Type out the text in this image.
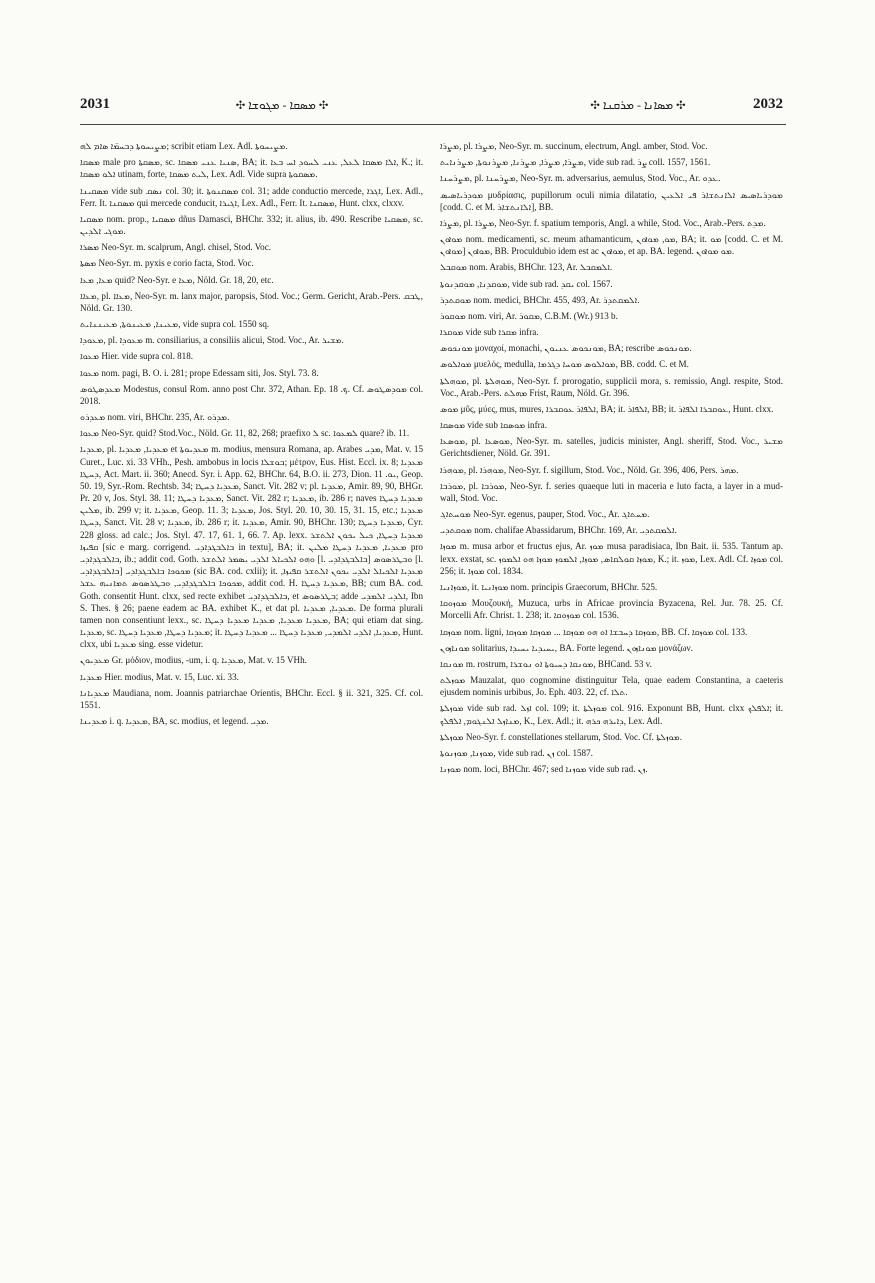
2031	✣ ܡܣܩܐ - ܡܓܘܫܐ ✣	✣ ܡܣܐܢܐ - ܡܪܩܢܐ ✣	2032

ܡܨܝܚܘܬܐ ܕܒܚܡ̈ܐ ܣܐܡ ܠܗ; scribit etiam Lex. Adl. ܡܨܝܚܘܬܐ.

ܡܣܩܐ male pro ܡܣܩܬܐ, sc. ܣܢܝܐ ܥܢܝ ܡܣܩܐ, BA; it. ܐܠܐ ܡܣܩܐ ܠܥܠ, ܥܢܝ ܠܚܘܕ ܐܚ ܒܥܐ, K.; it. ܐܠܘ ܡܣܩܐ utinam, forte, ܠܝܬ ܡܣܩܐ, Lex. Adl. Vide supra ܡܣܩܘܬܐ.

ܡܣܩܝܢܐ vide sub ܢܣܩ col. 30; it. ܡܣܩܢܘܬܐ col. 31; adde conductio mercede, ܐܓܪܐ, Lex. Adl., Ferr. It. ܡܣܩܢܐ qui mercede conducit, ܐܓܝܪܐ, Lex. Adl., Ferr. It. ܡܣܩܢܐ, Hunt. clxx, clxxv.

ܡܣܩܝܐ nom. prop., ܡܣܩܝܐ dñus Damasci, BHChr. 332; it. alius, ib. 490. Rescribe ܡܣܩܝܐ, sc. ܡܘܓܝ ܐܠܕܝܢ.

ܡܣܪܐ Neo-Syr. m. scalprum, Angl. chisel, Stod. Voc.

ܡܣܬܐ Neo-Syr. m. pyxis e corio facta, Stod. Voc.

ܡܥܐ, ܡܥܐ quid? Neo-Syr. e ܡܥܐ, Nöld. Gr. 18, 20, etc.

ܡܥܐܐ, pl. ܡܥܐܐ, Neo-Syr. m. lanx major, paropsis, Stod. Voc.; Germ. Gericht, Arab.-Pers. ܛܒܩ, Nöld. Gr. 130.

ܡܥܝܢܐ, ܡܥܝܢܘܬܐ, ܡܥܝܢܢܐܝܬ, vide supra col. 1550 sq.

ܡܥܘܕܐ, pl. ܡܥܘܕܐ m. consiliarius, a consiliis alicui, Stod. Voc., Ar. ܡܫܝܪ.

ܡܥܘܐ Hier. vide supra col. 818.

ܡܥܘܐ nom. pagi, B. O. i. 281; prope Edessam siti, Jos. Styl. 73. 8.

ܡܥܕܣܛܘܣ Modestus, consul Rom. anno post Chr. 372, Athan. Ep. ܟ. 18. Cf. ܡܘܕܣܛܘܣ col. 2018.

ܡܥܕܪܘ nom. viri, BHChr. 235, Ar. ܡܕܪܘ.

ܡܥܘܐ Neo-Syr. quid? Stod.Voc., Nöld. Gr. 11, 82, 268; praefixo ܠ sc. ܠܡܥܘܐ quare? ib. 11.

ܡܥܕܝܐ, pl. ܡܥܕܝܐ, ܡܥܕܝܐ et ܡܥܕܝܘܬܐ m. modius, mensura Romana, ap. Arabes ܡܕܝ, Mat. v. 15 Curet., Luc. xi. 33 VHh., Pesh. ambobus in locis ܒܘܫܠܐ; μέτρον, Eus. Hist. Eccl. ix. 8; ܡܥܕܝܐ ܕܚܛܐ, Act. Mart. ii. 360; Anecd. Syr. i. App. 62, BHChr. 64, B.O. ii. 273, Dion. ܝܘ. 11, Geop. 50. 19, Syr.-Rom. Rechtsb. 34; ܡܥܕܝܐ ܕܚܛܐ, Sanct. Vit. 282 v; pl. ܡܥܕܝܐ, Amir. 89, 90, BHGr. Pr. 20 v, Jos. Styl. 38. 11; ܡܥܕܝܐ ܕܚܛܐ, Sanct. Vit. 282 r; ܡܥܕܝܐ, ib. 286 r; naves ܡܥܕܝܐ ܕܚܛܐ ܡܠܝܢ, ib. 299 v; it. ܡܥܕܝܐ, Geop. 11. 3; ܡܥܕܝܐ, Jos. Styl. 20. 10, 30. 15, 31. 15, etc.; ܡܥܕܝܐ ܕܚܛܐ, Sanct. Vit. 28 v; ܡܥܕܝܐ, ib. 286 r; it. ܡܥܕܝܐ, Amir. 90, BHChr. 130; ܡܥܕܝܐ ܕܚܛܐ, Cyr. 228 gloss. ad calc.; Jos. Styl. 47. 17, 61. 1, 66. 7. Ap. lexx. ܡܥܕܝܐ ܕܚܛܐ, ܟܝܠ ܝܟܘܢ ܐܠܬܫܪ ܩܦܝܙܐ [sic e marg. corrigend. ܒܐܠܒܓܕܐܕܝ in textu], BA; it. ܡܥܕܝܐ, ܡܥܕܝܐ ܕܚܛܐ ܡܠܝܢ pro ܒܐܠܒܓܕܐܕܝ, ib.; addit cod. Goth. ܘܗܘ ܐܠܟܝܐܠ ܐܠܕܝ ܝܣܡܪ ܐܠܬܫܪ [l. ܒܐܠܒܓܕܐܕܝ] ܘܒܛܪܣܘܣ [l. ܒܐܠܒܓܕܐܕܝ] ܡܟܘܟܐ ܒܐܠܒܓܕܐܕܝ (sic BA. cod. cxlii); it. ܡܥܕܝܐ ܐܠܟܝܐܠ ܐܠܕܝ ܝܟܘܢ ܐܠܬܫܪ ܩܦܝܙܐ, ܡܟܘܟܐ ܒܐܠܒܓܕܐܕܝ, ܘܒܛܪܣܘܣ ܬܡܐܢܝܗ ܥܫܪ, addit cod. H. ܡܥܕܝܐ ܕܚܛܐ, BB; cum BA. cod. Goth. consentit Hunt. clxx, sed recte exhibet ܒܐܠܒܓܕܐܕܝ, et ܒܛܪܣܘܣ; adde ܐܠܕܝ ܐܠܡܕܝ, Ibn S. Thes. § 26; paene eadem ac BA. exhibet K., et dat pl. ܡܥܕܝܐ, ܡܥܕܝܐ. De forma plurali tamen non consentiunt lexx., sc. ܡܥܕܝܐ ܡܥܕܝܐ, ܡܥܕܝܐ ܡܥܕܝܐ ܕܚܛܐ, BA; qui etiam dat sing. ܡܥܕܝܐ, sc. ܡܥܕܝܐ ܕܚܛܐ, ܡܥܕܝܐ ܕܚܛܐ; it. ܡܥܕܝܐ, ܐܠܕܝ ܐܠܡܕܝ, ܡܥܕܝܐ ܕܚܛܐ ... ܡܥܕܝܐ ܕܚܛܐ, Hunt. clxx, ubi ܡܥܕܝܐ sing. esse videtur.

ܡܥܕܝܘܢ Gr. μόδιον, modius, -um, i. q. ܡܥܕܝܐ, Mat. v. 15 VHh.

ܡܥܕܝܐ Hier. modius, Mat. v. 15, Luc. xi. 33.

ܡܥܕܝܐܢܐ Maudiana, nom. Joannis patriarchae Orientis, BHChr. Eccl. § ii. 321, 325. Cf. col. 1551.

ܡܥܕܝܢܐ i. q. ܡܥܕܝܐ, BA, sc. modius, et legend. ܡܕܝ.

ܡܨܪܐ, pl. ܡܨܪܐ, Neo-Syr. m. succinum, electrum, Angl. amber, Stod. Voc.

ܡܨܪܐ, ܡܨܪܐ, ܡܨܪܢܐ, ܡܨܪܢܘܬܐ, ܡܨܪܢܐܝܬ, vide sub rad. ܨܪ coll. 1557, 1561.

ܡܨܪܚܢܐ, pl. ܡܨܪܚܢܐ, Neo-Syr. m. adversarius, aemulus, Stod. Voc., Ar. ܥܕܘ.

ܡܘܕܪܝܐܣܝܣ μυδρίασις, pupillorum oculi nimia dilatatio, ܡܘܕܪܝܐܣܝܣ ܐܠܐܢܬܫܐܪ ܦܝ ܐܠܥܝܢ [codd. C. et M. ܐܠܐܢܬܫܐܪ], BB.

ܡܨܪܐ, pl. ܡܨܪܐ, Neo-Syr. f. spatium temporis, Angl. a while, Stod. Voc., Arab.-Pers. ܡܕܬ.

ܡܘܐܘܢ nom. medicamenti, sc. meum athamanticum, ܡܘ, ܡܘܐܘܢ, BA; it. ܡܘ [codd. C. et M. ܡܘܐܘܢ] ܡܘܐܘܢ, BB. Proculdubio idem est ac ܡܘܐܘܢ, et ap. BA. legend. ܡܘ ܡܘܐܘܢ.

ܡܘܩܒܠ nom. Arabis, BHChr. 123, Ar. ܐܠܡܩܒܠ.

ܡܘܩܕܢܐ, ܡܘܩܕܢܘܬܐ, vide sub rad. ܝܩܕ col. 1567.

ܡܘܩܬܕܪ nom. medici, BHChr. 455, 493, Ar. ܐܠܡܩܬܕܪ.

ܡܘܩܘܪ nom. viri, Ar. ܡܩܘܪ, C.B.M. (Wr.) 913 b.

ܡܘܩܪܐ vide sub ܡܩܪܐ infra.

ܡܘܢܟܘܣ μοναχοί, monachi, ܡܘܢܟܘܣ ܥܢܝܘܢ, BA; rescribe ܡܘܢܟܘܣ.

ܡܘܐܠܘܣ μυελός, medulla, ܡܘܐܠܘܣ ܡܘܚܐ ܕܓܪܡܐ, BB. codd. C. et M.

ܡܘܗܠܬܐ, pl. ܡܘܗܠܬܐ, Neo-Syr. f. prorogatio, supplicii mora, s. remissio, Angl. respite, Stod. Voc., Arab.-Pers. ܡܗܠܬ Frist, Raum, Nöld. Gr. 396.

ܡܘܣ μῦς, μύες, mus, mures, ܐܠܦܐܪ ܥܘܩܒܪܐ, BA; it. ܐܠܦܐܪ, BB; it. ܥܘܩܒܪܐ ܐܠܦܐܪ, Hunt. clxx.

ܡܘܣܩܐ vide sub ܡܘܣܩܐ infra.

ܡܘܣܥܐ, pl. ܡܘܣܥܐ, Neo-Syr. m. satelles, judicis minister, Angl. sheriff, Stod. Voc., ܡܫܝܪ Gerichtsdiener, Nöld. Gr. 391.

ܡܘܗܪܐ, pl. ܡܘܗܪܐ, Neo-Syr. f. sigillum, Stod. Voc., Nöld. Gr. 396, 406, Pers. ܡܗܪ.

ܡܘܪܒܐ, pl. ܡܘܪܒܐ, Neo-Syr. f. series quaeque luti in maceria e luto facta, a layer in a mud-wall, Stod. Voc.

ܡܘܚܬܐܓ Neo-Syr. egenus, pauper, Stod. Voc., Ar. ܡܚܬܐܓ.

ܡܘܩܬܕܝ nom. chalifae Abassidarum, BHChr. 169, Ar. ܐܠܡܩܬܕܝ.

ܡܘܙܐ m. musa arbor et fructus ejus, Ar. ܡܘܙ musa paradisiaca, Ibn Bait. ii. 535. Tantum ap. lexx. exstat, sc. ܡܘܙܐ ܩܘܠܩܐܣ, ܡܘܙܐ, ܐܠܡܘܙ ܡܘܙܐ ܗܘ ܐܠܡܘܙ, K.; it. ܡܘܙ, Lex. Adl. Cf. ܡܘܙܐ col. 256; it. ܡܘܙܐ col. 1834.

ܡܘܙܐܢܝܐ, it. ܡܘܙܐܢܝܐ nom. principis Graecorum, BHChr. 525.

ܡܘܙܘܩܐ Μουζουκή, Muzuca, urbs in Africae provincia Byzacena, Rel. Jur. 78. 25. Cf. Morcelli Afr. Christ. 1. 238; it. ܡܘܙܘܩܐ col. 1536.

ܡܘܙܩܐ nom. ligni, ܡܘܙܩܐ ܕܚܒܫܐ ܐܘ ܗܘ ܡܘܙܩܐ ... ܡܘܙܩܐ ܡܘܙܩܐ, BB. Cf. ܡܘܙܩܐ col. 133.

ܡܘܢܐܙܘܢ solitarius, ܝܚܝܕܝܐ ܝܚܝܕܐ, BA. Forte legend. ܡܘܢܐܙܘܢ μονάζων.

ܡܘܢܩܐ m. rostrum, ܡܘܢܩܐ ܕܚܝܘܬܐ ܐܘ ܢܘܫܪܐ, BHCand. 53 v.

ܡܘܙܠܬ Mauzalat, quo cognomine distinguitur Tela, quae eadem Constantina, a caeteris ejusdem nominis urbibus, Jo. Eph. 403. 22, cf. ܬܠܐ.

ܡܘܙܠܬܐ vide sub rad. ܐܙܠ col. 109; it. ܡܘܙܠܬܐ col. 916. Exponunt BB, Hunt. clxx ܐܠܦܠܟ; it. ܡܢܐܙܠ ܐܠܢܓܘܡ, ܐܠܦܠܟ, K., Lex. Adl.; it. ܕܐܝܪܗ ܟܪܗ, Lex. Adl.

ܡܘܙܠܬܐ Neo-Syr. f. constellationes stellarum, Stod. Voc. Cf. ܡܘܙܠܬܐ.

ܡܘܙܢܐ, ܡܘܙܢܘܬܐ, vide sub rad. ܙܢ col. 1587.

ܡܘܙܢܐ nom. loci, BHChr. 467; sed ܡܘܙܢܐ vide sub rad. ܙܢ.
